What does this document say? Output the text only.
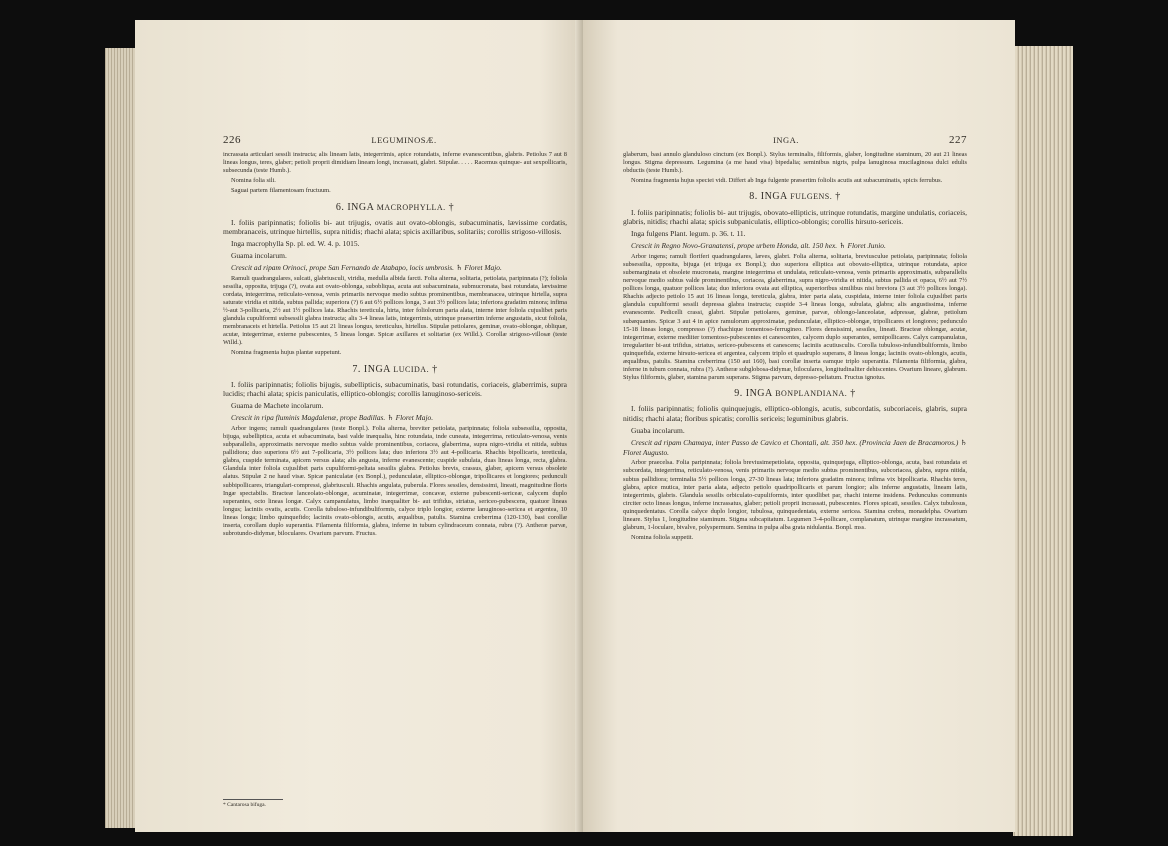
226	LEGUMINOSÆ.

incrassata articulari sessili instructa; alis lineam latis, integerrimis, apice rotundatis, inferne evanescentibus, glabris. Petiolus 7 aut 8 lineas longus, teres, glaber; petioli proprii dimidiam lineam longi, incrassati, glabri. Stipulæ. . . . . Racemus quinque- aut sexpollicaris, subsecunda (teste Humb.).

Nomina folia sili.

Saguai partem filamentosam fructuum.

6. INGA MACROPHYLLA. †

I. foliis paripinnatis; foliolis bi- aut trijugis, ovatis aut ovato-oblongis, subacuminatis, lævissime cordatis, membranaceis, utrinque hirtellis, supra nitidis; rhachi alata; spicis axillaribus, solitariis; corollis strigoso-villosis.

Inga macrophylla Sp. pl. ed. W. 4. p. 1015.

Guama incolarum.

Crescit ad ripam Orinoci, prope San Fernando de Atabapo, locis umbrosis. ♄ Floret Majo.

Ramuli quadrangulares, sulcati, glabriusculi, viridia, medulla albida farcti. Folia alterna, solitaria, petiolata, paripinnata (?); foliola sessilia, opposita, trijuga (?), ovata aut ovato-oblonga, subobliqua, acuta aut subacuminata, submucronata, basi rotundata, lævissime cordata, integerrima, reticulato-venosa, venis primariis nervoque medio subtus prominentibus, membranacea, utrinque hirtella, supra saturate viridia et nitida, subtus pallida; superiora (?) 6 aut 6½ pollices longa, 3 aut 3½ pollices lata; inferiora gradatim minora; infima ½-aut 3-pollicaria, 2½ aut 1½ pollices lata. Rhachis tereticula, hirta, inter foliolorum paria alata, interne inter foliola cujuslibet paris glandula cupuliformi subsessili glabra instructa; alis 3-4 lineas latis, integerrimis, utrinque praesertim inferne angustatis, sicut foliola, membranaceis et hirtella. Petiolus 15 aut 21 lineas longus, tereticulus, hirtellus. Stipulæ petiolares, geminæ, ovato-oblongæ, obliquæ, acutæ, integerrimæ, externe pubescentes, 5 lineas longæ. Spicæ axillares et solitariæ (ex Willd.). Corollæ strigoso-villosæ (teste Willd.).

Nomina fragmenta hujus plantæ suppetunt.

7. INGA LUCIDA. †

I. foliis paripinnatis; foliolis bijugis, subellipticis, subacuminatis, basi rotundatis, coriaceis, glaberrimis, supra lucidis; rhachi alata; spicis paniculatis, elliptico-oblongis; corollis lanuginoso-sericeis.

Guama de Machete incolarum.

Crescit in ripa fluminis Magdalenæ, prope Badillas. ♄ Floret Majo.

Arbor ingens; ramuli quadrangulares (teste Bonpl.). Folia alterna, breviter petiolata, paripinnata; foliola subsessilia, opposita, bijuga, subelliptica, acuta et subacuminata, basi valde inæqualia, hinc rotundata, inde cuneata, integerrima, reticulato-venosa, venis subparallelis, approximatis nervoque medio subtus valde prominentibus, coriacea, glaberrima, supra nigro-viridia et nitida, subtus pallidiora; duo superiora 6½ aut 7-pollicaria, 3½ pollices lata; duo inferiora 3½ aut 4-pollicaria. Rhachis bipollicaris, tereticula, glabra, cuspide terminata, apicem versus alata; alis angusta, inferne evanescente; cuspide subulata, duas lineas longa, recta, glabra. Glandula inter foliola cujuslibet paris cupuliformi-peltata sessilis glabra. Petiolus brevis, crassus, glaber, apicem versus obsolete alatus. Stipulæ 2 ne haud visæ. Spicæ paniculatæ (ex Bonpl.), pedunculatæ, elliptico-oblongæ, tripollicares et longiores; pedunculi subbipollicares, triangulari-compressi, glabriusculi. Rhachis angulata, puberula. Flores sessiles, densissimi, lineati, magnitudine floris Ingæ spectabilis. Bracteæ lanceolato-oblongæ, acuminatæ, integerrimæ, concavæ, externe pubescenti-sericeæ, calycem duplo superantes, octo lineas longæ. Calyx campanulatus, limbo inæqualiter bi- aut trifidus, striatus, sericeo-pubescens, quatuor lineas longus; laciniis ovatis, acutis. Corolla tubuloso-infundibuliformis, calyce triplo longior, externe lanuginoso-sericea et argentea, 10 lineas longa; limbo quinquefido; laciniis ovato-oblongis, acutis, æqualibus, patulis. Stamina creberrima (120-130), basi corollæ inserta, corollam duplo superantia. Filamenta filiformia, glabra, inferne in tubum cylindraceum connata, rubra (?). Antheræ parvæ, subrotundo-didymæ, biloculares. Ovarium parvum. Fructus.

* Cantarosa bifuga.
INGA.	227

glaberum, basi annulo glanduloso cinctum (ex Bonpl.). Stylus terminalis, filiformis, glaber, longitudine staminum, 20 aut 21 lineas longus. Stigma depressum. Legumina (a me haud visa) bipedalia; seminibus nigris, pulpa lanuginosa mucilaginosa dulci edulis obductis (teste Humb.).

Nomina fragmenta hujus speciei vidi. Differt ab Inga fulgente præsertim foliolis acutis aut subacuminatis, spicis ferrubus.

8. INGA FULGENS. †

I. foliis paripinnatis; foliolis bi- aut trijugis, obovato-ellipticis, utrinque rotundatis, margine undulatis, coriaceis, glabris, nitidis; rhachi alata; spicis subpaniculatis, elliptico-oblongis; corollis hirsuto-sericeis.

Inga fulgens Plant. legum. p. 36. t. 11.

Crescit in Regno Novo-Granatensi, prope urbem Honda, alt. 150 hex. ♄ Floret Junio.

Arbor ingens; ramuli floriferi quadrangulares, læves, glabri. Folia alterna, solitaria, breviusculue petiolata, paripinnata; foliola subsessilia, opposita, bijuga (et trijuga ex Bonpl.); duo superiora elliptica aut obovato-elliptica, utrinque rotundata, apice subemarginata et obsolete mucronata, margine integerrima et undulata, reticulato-venosa, venis primariis approximatis, subparallelis nervoque medio subtus valde prominentibus, coriacea, glaberrima, supra nigro-viridia et nitida, subtus pallida et opaca, 6½ aut 7½ pollices longa, quatuor pollices lata; duo inferiora ovata aut elliptica, superioribus similibus nisi breviora (3 aut 3½ pollices longa). Rhachis adjecto petiolo 15 aut 16 lineas longa, tereticula, glabra, inter paria alata, cuspidata, interne inter foliola cujuslibet paris glandula cupuliformi sessili depressa glabra instructa; cuspide 3-4 lineas longa, subulata, glabra; alis angustissima, inferne evanescente. Pedicelli crassi, glabri. Stipulæ petiolares, geminæ, parvæ, oblongo-lanceolatæ, adpressæ, glabræ, petiolum subæquantes. Spicæ 3 aut 4 in apice ramulorum approximatæ, pedunculatæ, elliptico-oblongæ, tripollicares et longiores; pedunculo 15-18 lineas longo, compresso (?) rhachique tomentoso-ferrugineo. Flores densissimi, sessiles, lineati. Bracteæ oblongæ, acutæ, integerrimæ, externe mediiter tomentoso-pubescentes et canescentes, calycem duplo superantes, semipollicares. Calyx campanulatus, irregulariter bi-aut trifidus, striatus, sericeo-pubescens et canescens; laciniis acutiusculis. Corolla tubuloso-infundibuliformis, limbo quinquefida, externe hirsuto-sericea et argentea, calycem triplo et quadruplo superans, 8 lineas longa; laciniis ovato-oblongis, acutis, æqualibus, patulis. Stamina creberrima (150 aut 160), basi corollæ inserta eamque triplo superantia. Filamenta filiformia, glabra, inferne in tubum connata, rubra (?). Antheræ subglobosa-didymæ, biloculares, longitudinaliter dehiscentes. Ovarium lineare, glabrum. Stylus filiformis, glaber, stamina parum superans. Stigma parvum, depresso-peltatum. Fructus ignotus.

9. INGA BONPLANDIANA. †

I. foliis paripinnatis; foliolis quinquejugis, elliptico-oblongis, acutis, subcordatis, subcoriaceis, glabris, supra nitidis; rhachi alata; floribus spicatis; corollis sericeis; leguminibus glabris.

Guaba incolarum.

Crescit ad ripam Chamaya, inter Passo de Cavico et Chontali, alt. 350 hex. (Provincia Jaen de Bracamoros.) ♄ Floret Augusto.

Arbor praecelsa. Folia paripinnata; foliola breviusimepetiolata, opposita, quinquejuga, elliptico-oblonga, acuta, basi rotundata et subcordata, integerrima, reticulato-venosa, venis primariis nervoque medio subtus prominentibus, subcoriacea, glabra, supra nitida, subtus pallidiora; terminalia 5½ pollices longa, 27-30 lineas lata; inferiora gradatim minora; infima vix bipollicaria. Rhachis teres, glabra, apice mutica, inter paria alata, adjecto petiolo quadripollicaris et parum longior; alis inferne angustatis, lineam latis, integerrimis, glabris. Glandula sessilis orbiculato-cupuliformis, inter quodlibet par, rhachi interne insidens. Pedunculus communis circiter octo lineas longus, inferne incrassatus, glaber; petioli proprii incrassati, pubescentes. Flores spicati, sessiles. Calyx tubulosus, quinquedentatus. Corolla calyce duplo longior, tubulosa, quinquedentata, externe sericea. Stamina crebra, monadelpha. Ovarium lineare. Stylus 1, longitudine staminum. Stigma subcapitatum. Legumen 3-4-pollicare, complanatum, utrinque margine incrassatum, glabrum, 1-loculare, bivalve, polyspermum. Semina in pulpa alba grata nidulantia. Bonpl. mss.

Nomina foliola suppetit.
